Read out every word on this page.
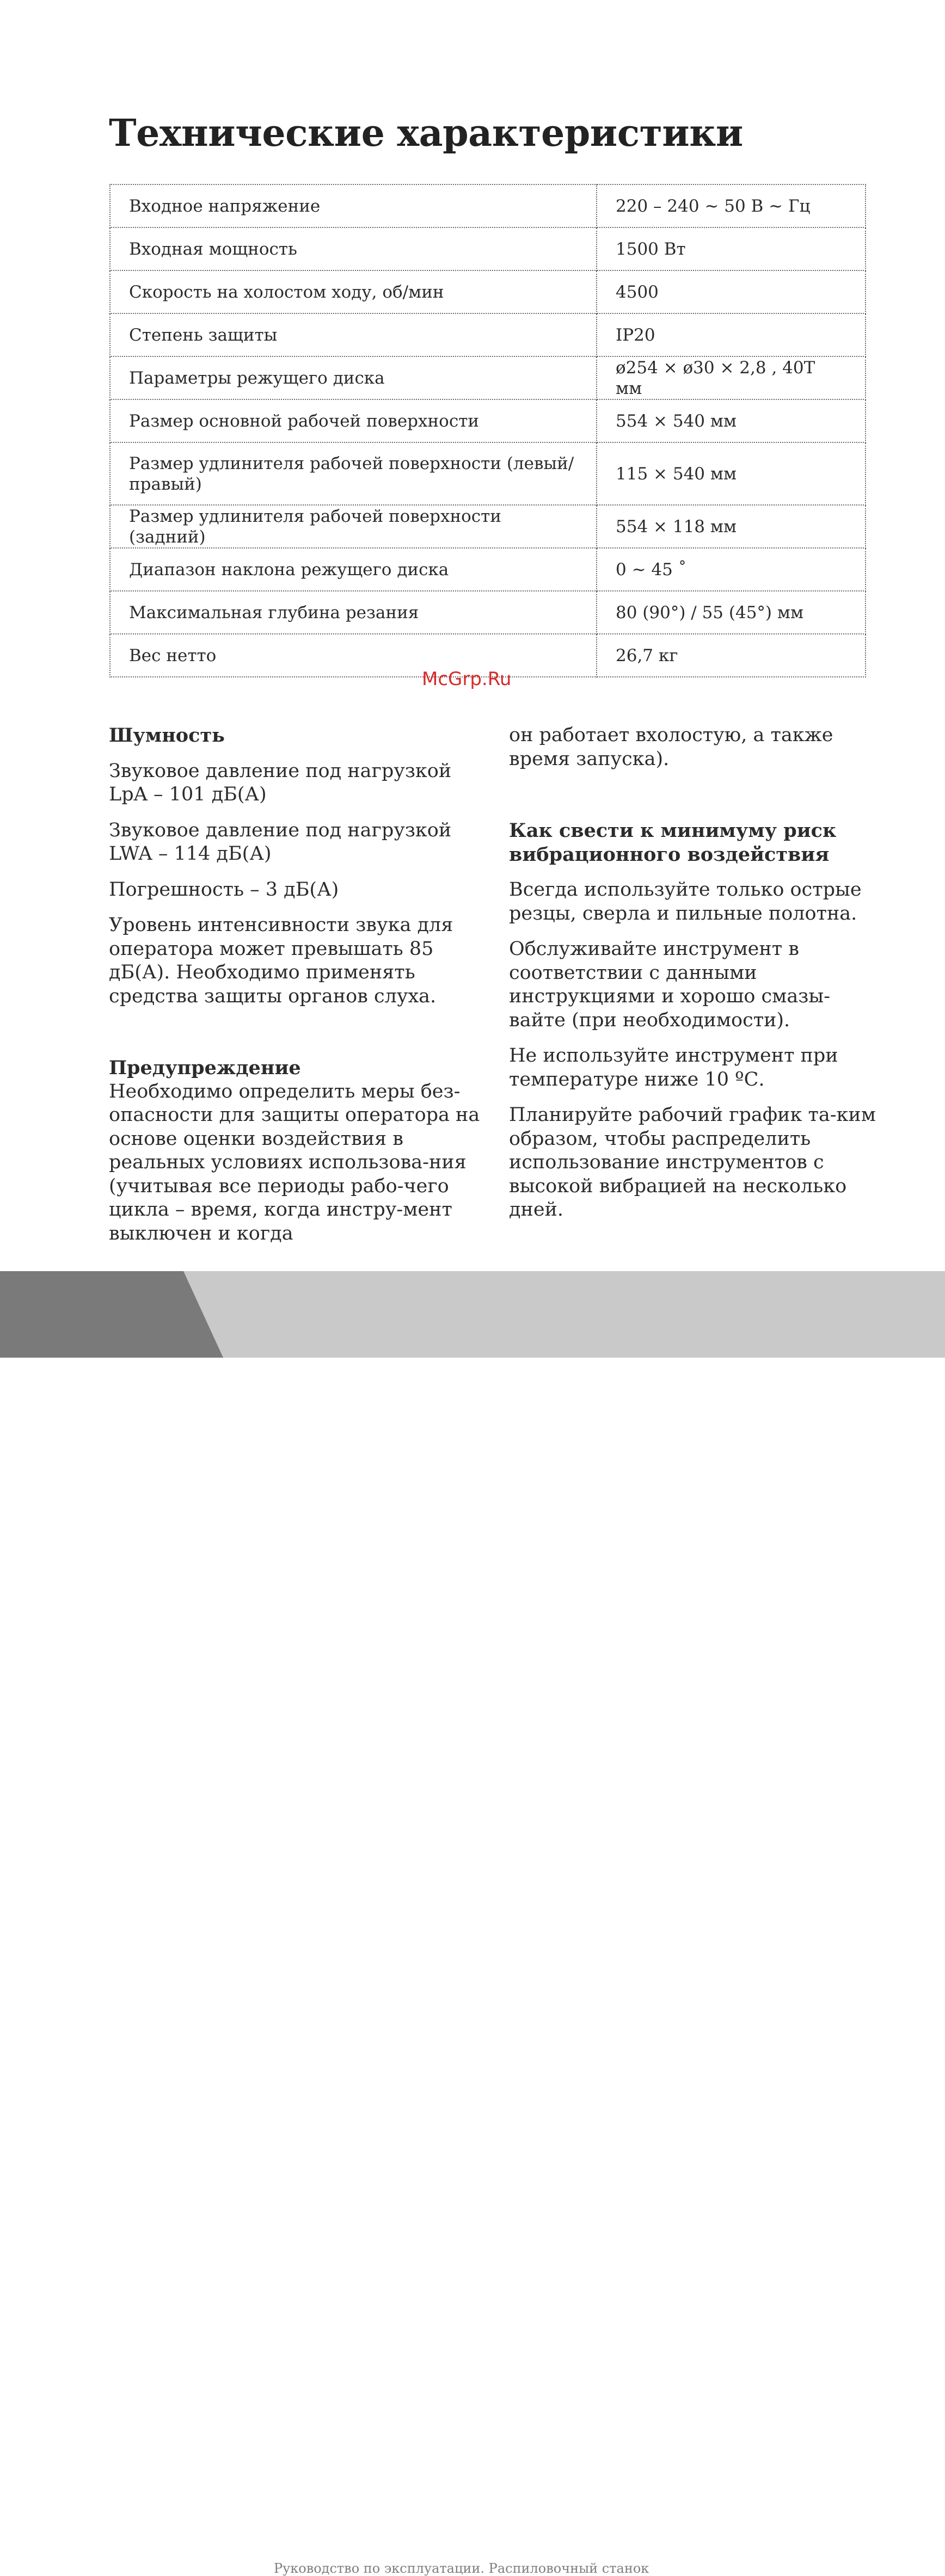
Технические характеристики
Входное напряжение	220 – 240 ~ 50 В ~ Гц
Входная мощность	1500 Вт
Скорость на холостом ходу, об/мин	4500
Степень защиты	IP20
Параметры режущего диска	ø254 × ø30 × 2,8 , 40Т мм
Размер основной рабочей поверхности	554 × 540 мм
Размер удлинителя рабочей поверхности (левый/правый)	115 × 540 мм
Размер удлинителя рабочей поверхности (задний)	554 × 118 мм
Диапазон наклона режущего диска	0 ~ 45 ˚
Максимальная глубина резания	80 (90°) / 55 (45°) мм
Вес нетто	26,7 кг
McGrp.Ru
Шумность

Звуковое давление под нагрузкой LpA – 101 дБ(А)

Звуковое давление под нагрузкой LWA – 114 дБ(А)

Погрешность – 3 дБ(А)

Уровень интенсивности звука для оператора может превышать 85 дБ(А). Необходимо применять средства защиты органов слуха.

Предупреждение

Необходимо определить меры без-опасности для защиты оператора на основе оценки воздействия в реальных условиях использова-ния (учитывая все периоды рабо-чего цикла – время, когда инстру-мент выключен и когда

он работает вхолостую, а также время запуска).

Как свести к минимуму риск вибрационного воздействия

Всегда используйте только острые резцы, сверла и пильные полотна.

Обслуживайте инструмент в соответствии с данными инструкциями и хорошо смазы-вайте (при необходимости).

Не используйте инструмент при температуре ниже 10 ºС.

Планируйте рабочий график та-ким образом, чтобы распределить использование инструментов с высокой вибрацией на несколько дней.

8	Руководство по эксплуатации. Распиловочный станок
